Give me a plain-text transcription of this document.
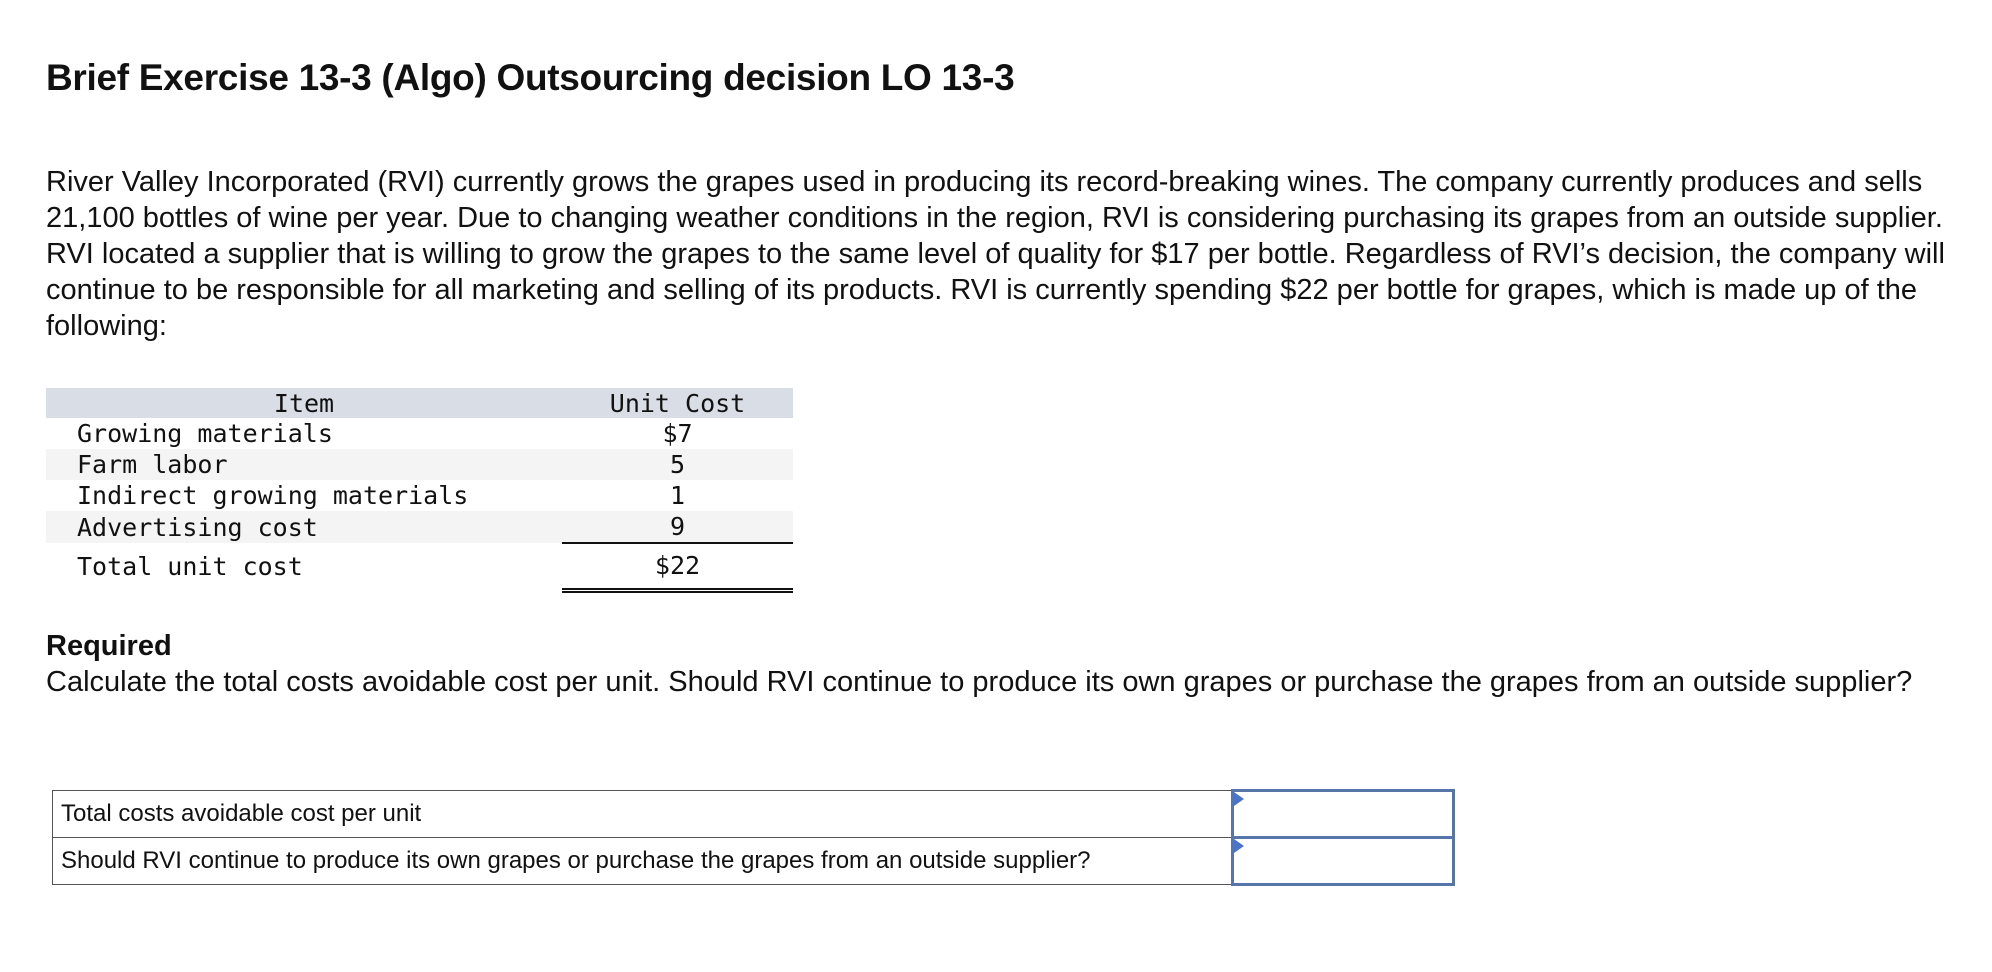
Brief Exercise 13-3 (Algo) Outsourcing decision LO 13-3

River Valley Incorporated (RVI) currently grows the grapes used in producing its record-breaking wines. The company currently produces and sells 21,100 bottles of wine per year. Due to changing weather conditions in the region, RVI is considering purchasing its grapes from an outside supplier. RVI located a supplier that is willing to grow the grapes to the same level of quality for $17 per bottle. Regardless of RVI’s decision, the company will continue to be responsible for all marketing and selling of its products. RVI is currently spending $22 per bottle for grapes, which is made up of the following:

Item	Unit Cost
Growing materials	$7
Farm labor	5
Indirect growing materials	1
Advertising cost	9
Total unit cost	$22

Required

Calculate the total costs avoidable cost per unit. Should RVI continue to produce its own grapes or purchase the grapes from an outside supplier?

Total costs avoidable cost per unit	

Should RVI continue to produce its own grapes or purchase the grapes from an outside supplier?	
